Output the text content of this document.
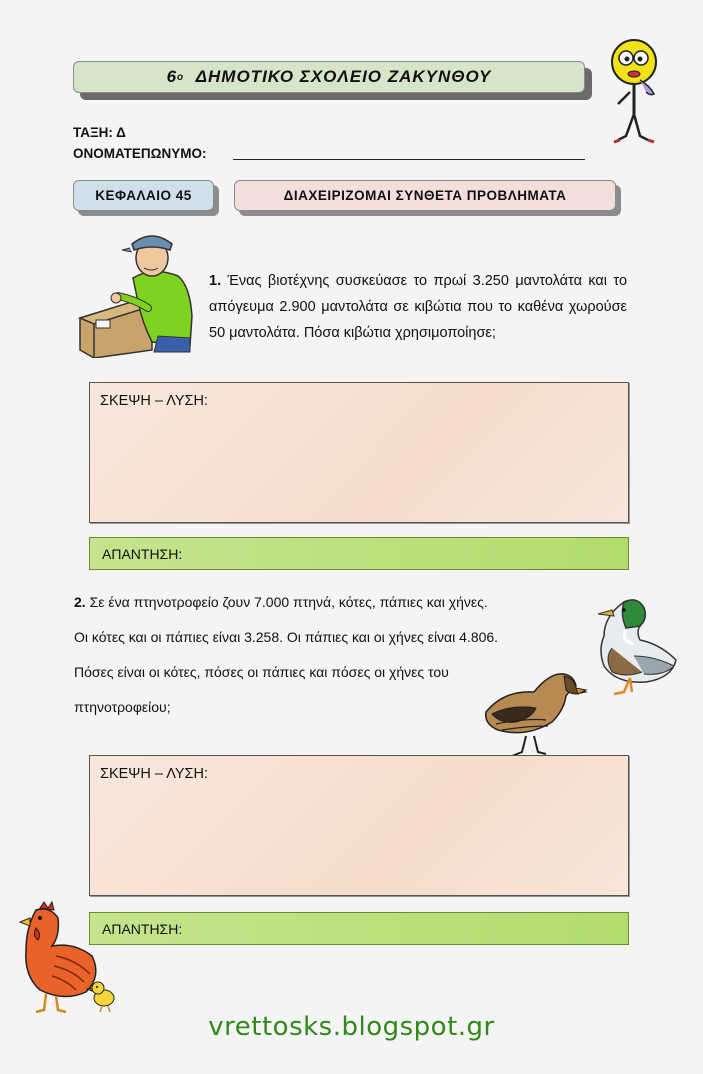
6 ο
ΔΗΜΟΤΙΚΟ ΣΧΟΛΕΙΟ ΖΑΚΥΝΘΟΥ
ΤΑΞΗ: Δ
ΟΝΟΜΑΤΕΠΩΝΥΜΟ:
ΚΕΦΑΛΑΙΟ 45	ΔΙΑΧΕΙΡΙΖΟΜΑΙ ΣΥΝΘΕΤΑ ΠΡΟΒΛΗΜΑΤΑ
1. Ένας βιοτέχνης συσκεύασε το πρωί 3.250 μαντολάτα και το απόγευμα 2.900 μαντολάτα σε κιβώτια που το καθένα χωρούσε 50 μαντολάτα. Πόσα κιβώτια χρησιμοποίησε;
ΣΚΕΨΗ – ΛΥΣΗ:
ΑΠΑΝΤΗΣΗ:
2. Σε ένα πτηνοτροφείο ζουν 7.000 πτηνά, κότες, πάπιες και χήνες.
Οι κότες και οι πάπιες είναι 3.258. Οι πάπιες και οι χήνες είναι 4.806.
Πόσες είναι οι κότες, πόσες οι πάπιες και πόσες οι χήνες του
πτηνοτροφείου;
ΣΚΕΨΗ – ΛΥΣΗ:
ΑΠΑΝΤΗΣΗ:
vrettosks.blogspot.gr
